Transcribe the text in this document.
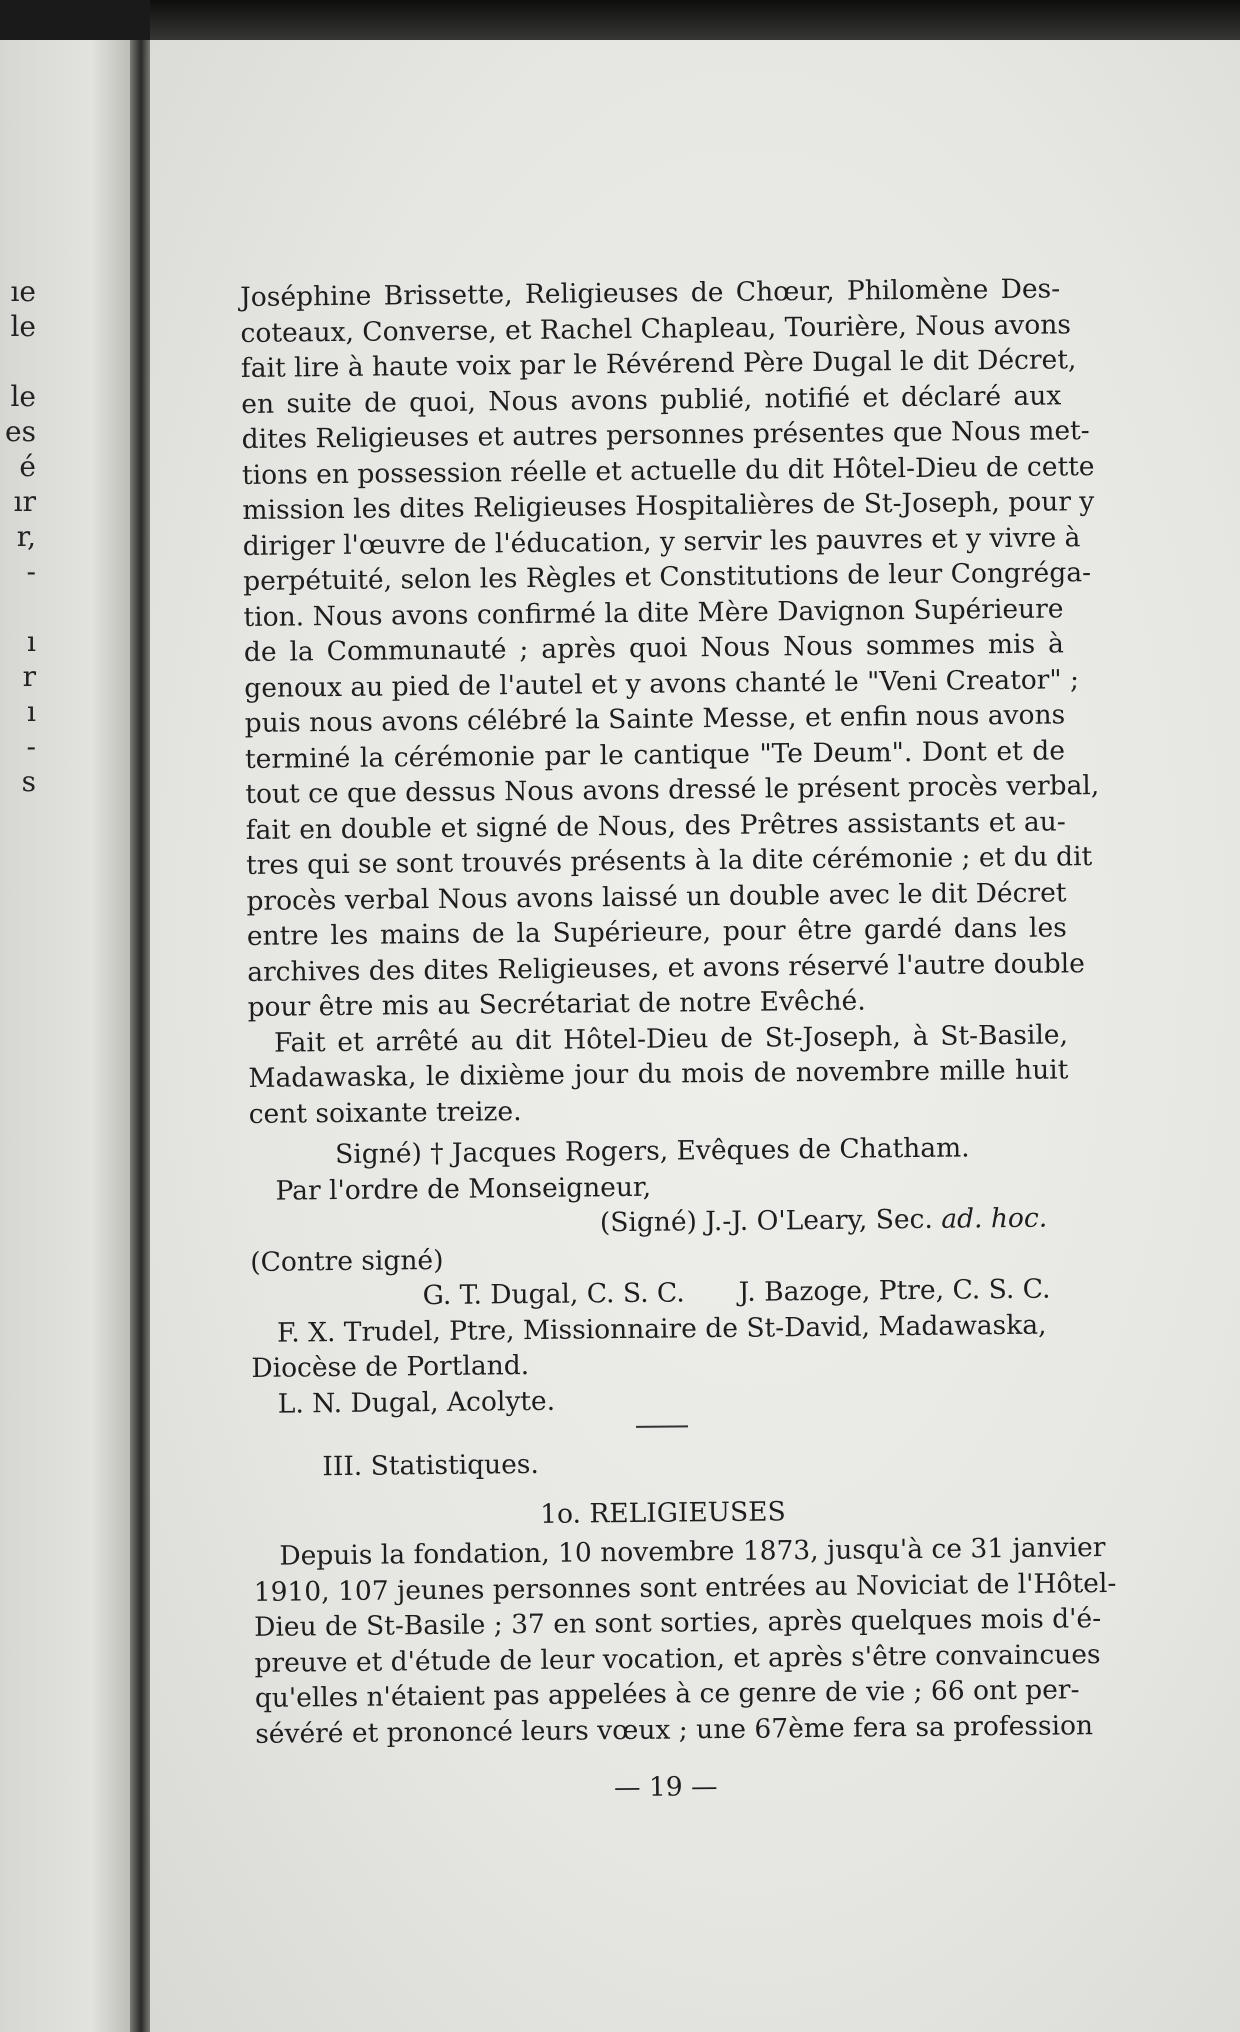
ıe
le
le
es
é
ır
r,
-
ı
r
ı
-
s
Joséphine Brissette, Religieuses de Chœur, Philomène Des-
coteaux, Converse, et Rachel Chapleau, Tourière, Nous avons
fait lire à haute voix par le Révérend Père Dugal le dit Décret,
en suite de quoi, Nous avons publié, notifié et déclaré aux
dites Religieuses et autres personnes présentes que Nous met-
tions en possession réelle et actuelle du dit Hôtel-Dieu de cette
mission les dites Religieuses Hospitalières de St-Joseph, pour y
diriger l'œuvre de l'éducation, y servir les pauvres et y vivre à
perpétuité, selon les Règles et Constitutions de leur Congréga-
tion. Nous avons confirmé la dite Mère Davignon Supérieure
de la Communauté ; après quoi Nous Nous sommes mis à
genoux au pied de l'autel et y avons chanté le "Veni Creator" ;
puis nous avons célébré la Sainte Messe, et enfin nous avons
terminé la cérémonie par le cantique "Te Deum". Dont et de
tout ce que dessus Nous avons dressé le présent procès verbal,
fait en double et signé de Nous, des Prêtres assistants et au-
tres qui se sont trouvés présents à la dite cérémonie ; et du dit
procès verbal Nous avons laissé un double avec le dit Décret
entre les mains de la Supérieure, pour être gardé dans les
archives des dites Religieuses, et avons réservé l'autre double
pour être mis au Secrétariat de notre Evêché.
Fait et arrêté au dit Hôtel-Dieu de St-Joseph, à St-Basile,
Madawaska, le dixième jour du mois de novembre mille huit
cent soixante treize.
Signé) † Jacques Rogers, Evêques de Chatham.
Par l'ordre de Monseigneur,
(Signé) J.-J. O'Leary, Sec. ad. hoc.
(Contre signé)
G. T. Dugal, C. S. C. J. Bazoge, Ptre, C. S. C.
F. X. Trudel, Ptre, Missionnaire de St-David, Madawaska,
Diocèse de Portland.
L. N. Dugal, Acolyte.
III. Statistiques.
1o. RELIGIEUSES
Depuis la fondation, 10 novembre 1873, jusqu'à ce 31 janvier
1910, 107 jeunes personnes sont entrées au Noviciat de l'Hôtel-
Dieu de St-Basile ; 37 en sont sorties, après quelques mois d'é-
preuve et d'étude de leur vocation, et après s'être convaincues
qu'elles n'étaient pas appelées à ce genre de vie ; 66 ont per-
sévéré et prononcé leurs vœux ; une 67ème fera sa profession
— 19 —
